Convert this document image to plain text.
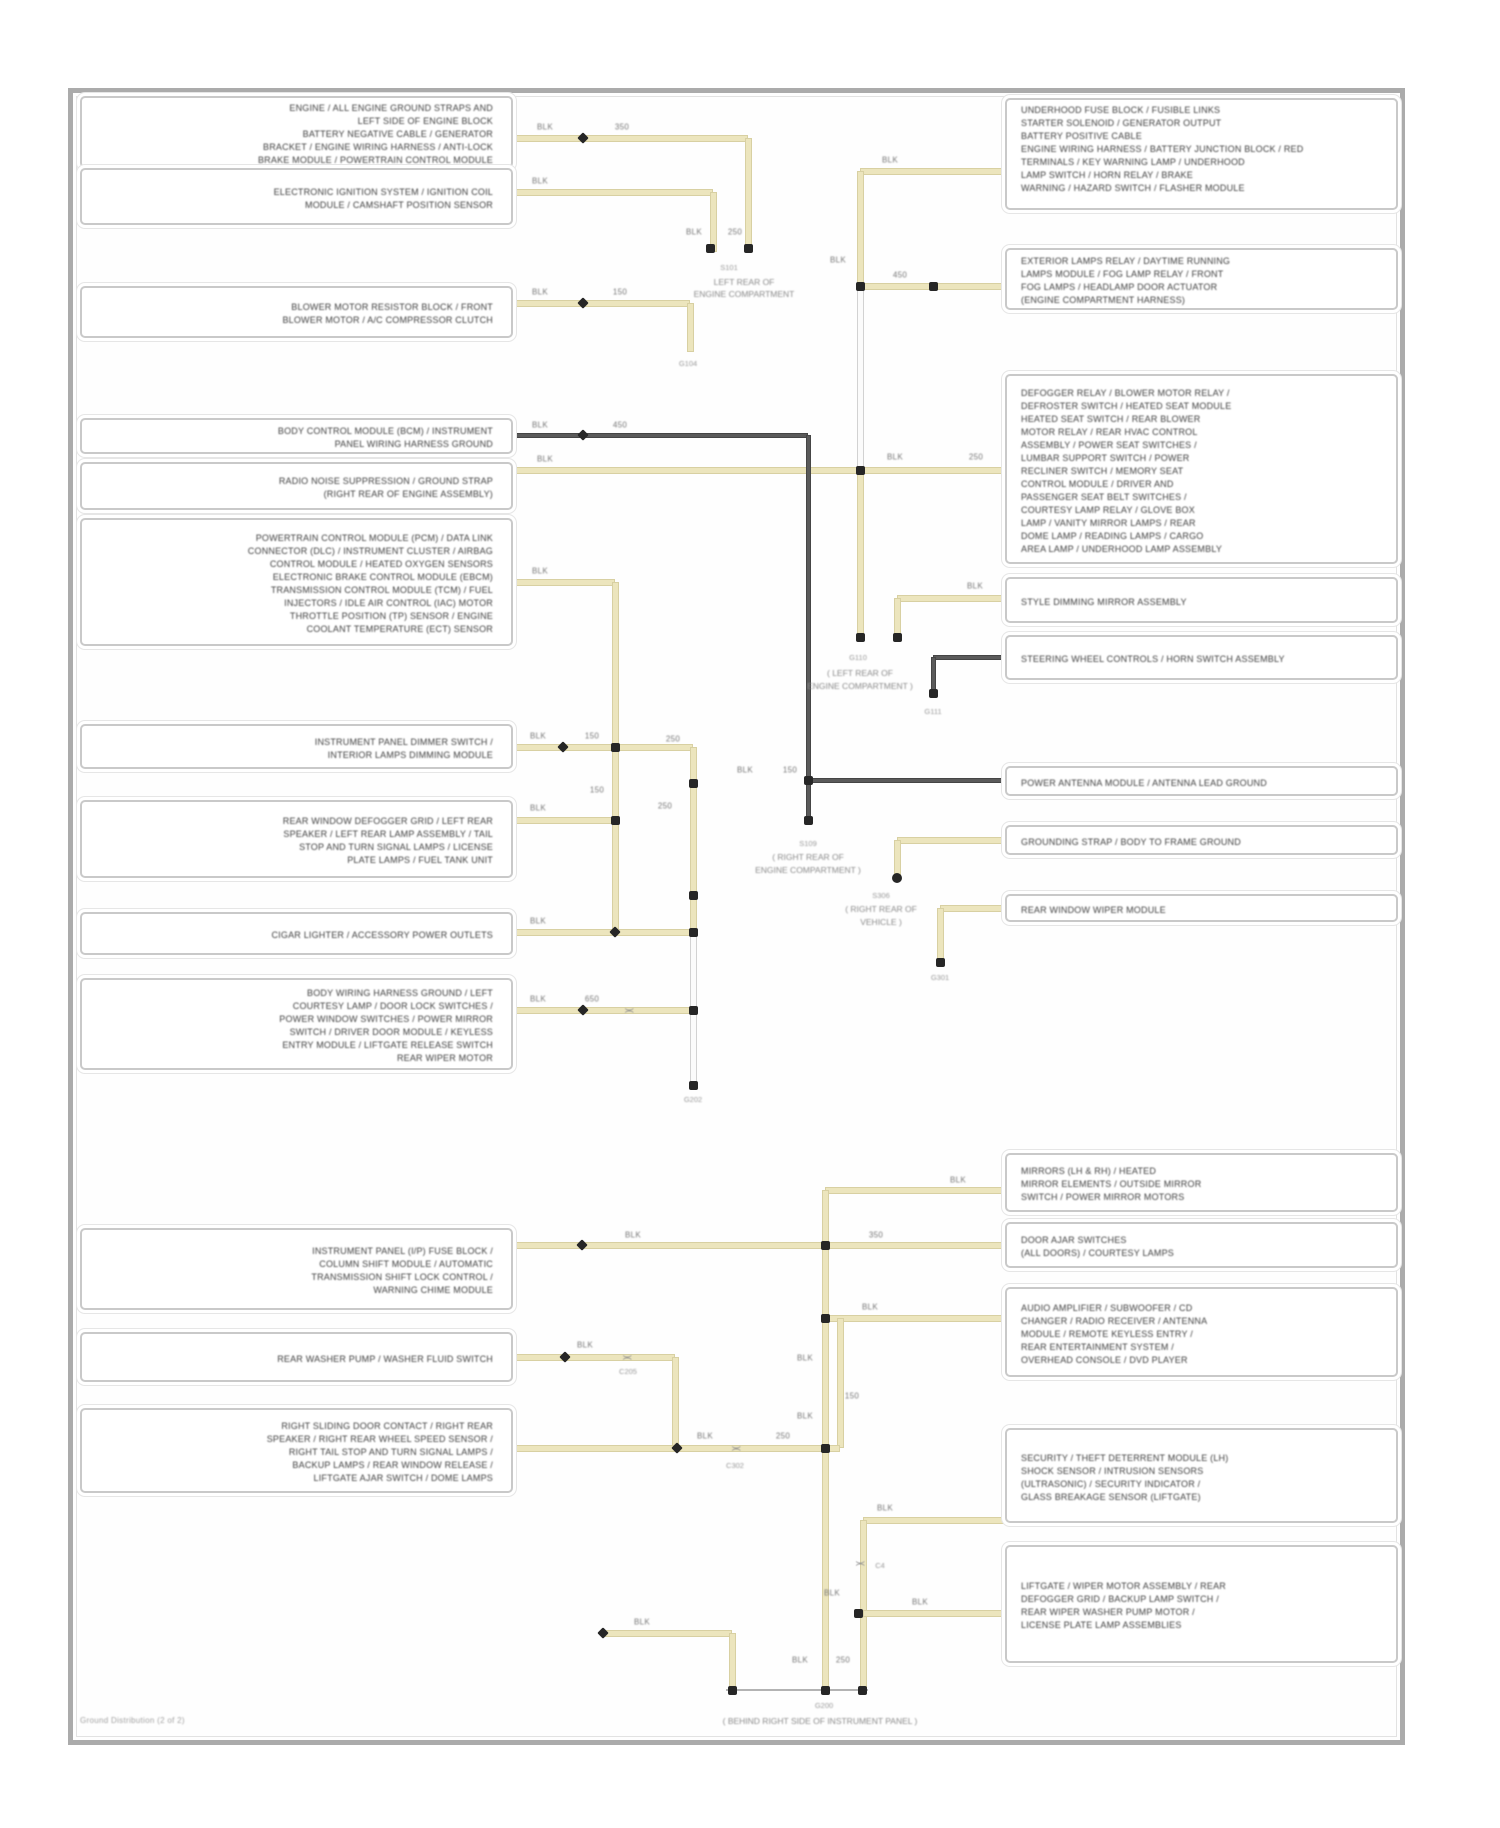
ENGINE / ALL ENGINE GROUND STRAPS AND
LEFT SIDE OF ENGINE BLOCK
BATTERY NEGATIVE CABLE / GENERATOR
BRACKET / ENGINE WIRING HARNESS / ANTI-LOCK
BRAKE MODULE / POWERTRAIN CONTROL MODULE
ELECTRONIC IGNITION SYSTEM / IGNITION COIL
MODULE / CAMSHAFT POSITION SENSOR
BLOWER MOTOR RESISTOR BLOCK / FRONT
BLOWER MOTOR / A/C COMPRESSOR CLUTCH
BODY CONTROL MODULE (BCM) / INSTRUMENT
PANEL WIRING HARNESS GROUND
RADIO NOISE SUPPRESSION / GROUND STRAP
(RIGHT REAR OF ENGINE ASSEMBLY)
POWERTRAIN CONTROL MODULE (PCM) / DATA LINK
CONNECTOR (DLC) / INSTRUMENT CLUSTER / AIRBAG
CONTROL MODULE / HEATED OXYGEN SENSORS
ELECTRONIC BRAKE CONTROL MODULE (EBCM)
TRANSMISSION CONTROL MODULE (TCM) / FUEL
INJECTORS / IDLE AIR CONTROL (IAC) MOTOR
THROTTLE POSITION (TP) SENSOR / ENGINE
COOLANT TEMPERATURE (ECT) SENSOR
INSTRUMENT PANEL DIMMER SWITCH /
INTERIOR LAMPS DIMMING MODULE
REAR WINDOW DEFOGGER GRID / LEFT REAR
SPEAKER / LEFT REAR LAMP ASSEMBLY / TAIL
STOP AND TURN SIGNAL LAMPS / LICENSE
PLATE LAMPS / FUEL TANK UNIT
CIGAR LIGHTER / ACCESSORY POWER OUTLETS
BODY WIRING HARNESS GROUND / LEFT
COURTESY LAMP / DOOR LOCK SWITCHES /
POWER WINDOW SWITCHES / POWER MIRROR
SWITCH / DRIVER DOOR MODULE / KEYLESS
ENTRY MODULE / LIFTGATE RELEASE SWITCH
REAR WIPER MOTOR
INSTRUMENT PANEL (I/P) FUSE BLOCK /
COLUMN SHIFT MODULE / AUTOMATIC
TRANSMISSION SHIFT LOCK CONTROL /
WARNING CHIME MODULE
REAR WASHER PUMP / WASHER FLUID SWITCH
RIGHT SLIDING DOOR CONTACT / RIGHT REAR
SPEAKER / RIGHT REAR WHEEL SPEED SENSOR /
RIGHT TAIL STOP AND TURN SIGNAL LAMPS /
BACKUP LAMPS / REAR WINDOW RELEASE /
LIFTGATE AJAR SWITCH / DOME LAMPS
UNDERHOOD FUSE BLOCK / FUSIBLE LINKS
STARTER SOLENOID / GENERATOR OUTPUT
BATTERY POSITIVE CABLE
ENGINE WIRING HARNESS / BATTERY JUNCTION BLOCK / RED
TERMINALS / KEY WARNING LAMP / UNDERHOOD
LAMP SWITCH / HORN RELAY / BRAKE
WARNING / HAZARD SWITCH / FLASHER MODULE
EXTERIOR LAMPS RELAY / DAYTIME RUNNING
LAMPS MODULE / FOG LAMP RELAY / FRONT
FOG LAMPS / HEADLAMP DOOR ACTUATOR
(ENGINE COMPARTMENT HARNESS)
DEFOGGER RELAY / BLOWER MOTOR RELAY /
DEFROSTER SWITCH / HEATED SEAT MODULE
HEATED SEAT SWITCH / REAR BLOWER
MOTOR RELAY / REAR HVAC CONTROL
ASSEMBLY / POWER SEAT SWITCHES /
LUMBAR SUPPORT SWITCH / POWER
RECLINER SWITCH / MEMORY SEAT
CONTROL MODULE / DRIVER AND
PASSENGER SEAT BELT SWITCHES /
COURTESY LAMP RELAY / GLOVE BOX
LAMP / VANITY MIRROR LAMPS / REAR
DOME LAMP / READING LAMPS / CARGO
AREA LAMP / UNDERHOOD LAMP ASSEMBLY
STYLE DIMMING MIRROR ASSEMBLY
STEERING WHEEL CONTROLS / HORN SWITCH ASSEMBLY
POWER ANTENNA MODULE / ANTENNA LEAD GROUND
GROUNDING STRAP / BODY TO FRAME GROUND
REAR WINDOW WIPER MODULE
MIRRORS (LH & RH) / HEATED
MIRROR ELEMENTS / OUTSIDE MIRROR
SWITCH / POWER MIRROR MOTORS
DOOR AJAR SWITCHES
(ALL DOORS) / COURTESY LAMPS
AUDIO AMPLIFIER / SUBWOOFER / CD
CHANGER / RADIO RECEIVER / ANTENNA
MODULE / REMOTE KEYLESS ENTRY /
REAR ENTERTAINMENT SYSTEM /
OVERHEAD CONSOLE / DVD PLAYER
SECURITY / THEFT DETERRENT MODULE (LH)
SHOCK SENSOR / INTRUSION SENSORS
(ULTRASONIC) / SECURITY INDICATOR /
GLASS BREAKAGE SENSOR (LIFTGATE)
LIFTGATE / WIPER MOTOR ASSEMBLY / REAR
DEFOGGER GRID / BACKUP LAMP SWITCH /
REAR WIPER WASHER PUMP MOTOR /
LICENSE PLATE LAMP ASSEMBLIES
BLK	350
BLK
BLK	150
BLK	250
BLK
BLK
450
BLK	450
BLK	BLK	250
BLK
BLK
BLK	150	250
BLK	250
150
BLK	150
BLK
BLK	650
BLK
BLK	350
BLK
BLK
150
BLK
BLK
BLK	250
BLK
BLK
BLK
BLK
BLK	250
S101
LEFT REAR OF
ENGINE COMPARTMENT
G104
G110
( LEFT REAR OF
ENGINE COMPARTMENT )
G111
S109
( RIGHT REAR OF
ENGINE COMPARTMENT )
S306
( RIGHT REAR OF
VEHICLE )
G301
G202
C205
C302
C4
G200
( BEHIND RIGHT SIDE OF INSTRUMENT PANEL )
)(
)(
)(
)(
Ground Distribution (2 of 2)
